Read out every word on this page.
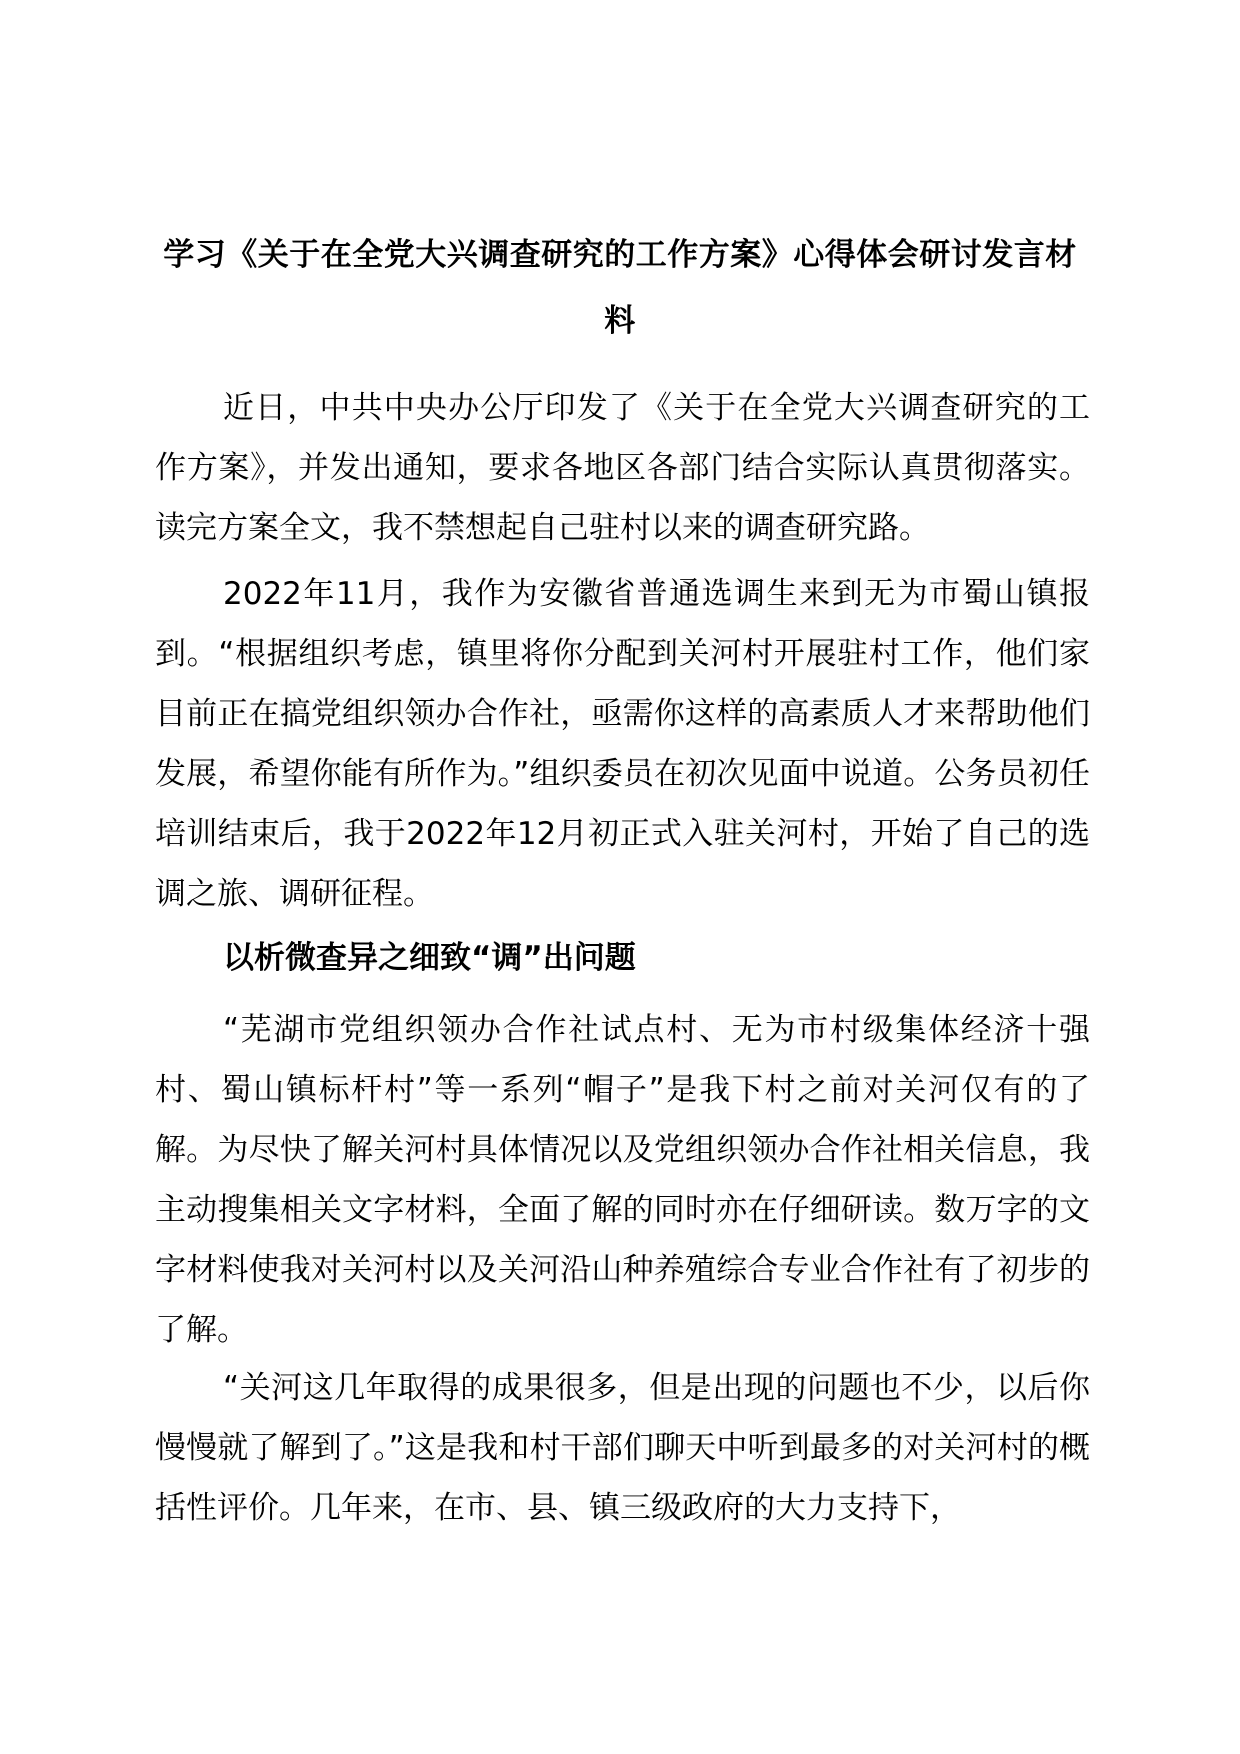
学习《关于在全党大兴调查研究的工作方案》心得体会研讨发言材料

近日，中共中央办公厅印发了《关于在全党大兴调查研究的工作方案》，并发出通知，要求各地区各部门结合实际认真贯彻落实。读完方案全文，我不禁想起自己驻村以来的调查研究路。

2022年11月，我作为安徽省普通选调生来到无为市蜀山镇报到。“根据组织考虑，镇里将你分配到关河村开展驻村工作，他们家目前正在搞党组织领办合作社，亟需你这样的高素质人才来帮助他们发展，希望你能有所作为。”组织委员在初次见面中说道。公务员初任培训结束后，我于2022年12月初正式入驻关河村，开始了自己的选调之旅、调研征程。

以析微查异之细致“调”出问题

“芜湖市党组织领办合作社试点村、无为市村级集体经济十强村、蜀山镇标杆村”等一系列“帽子”是我下村之前对关河仅有的了解。为尽快了解关河村具体情况以及党组织领办合作社相关信息，我主动搜集相关文字材料，全面了解的同时亦在仔细研读。数万字的文字材料使我对关河村以及关河沿山种养殖综合专业合作社有了初步的了解。

“关河这几年取得的成果很多，但是出现的问题也不少，以后你慢慢就了解到了。”这是我和村干部们聊天中听到最多的对关河村的概括性评价。几年来，在市、县、镇三级政府的大力支持下，
